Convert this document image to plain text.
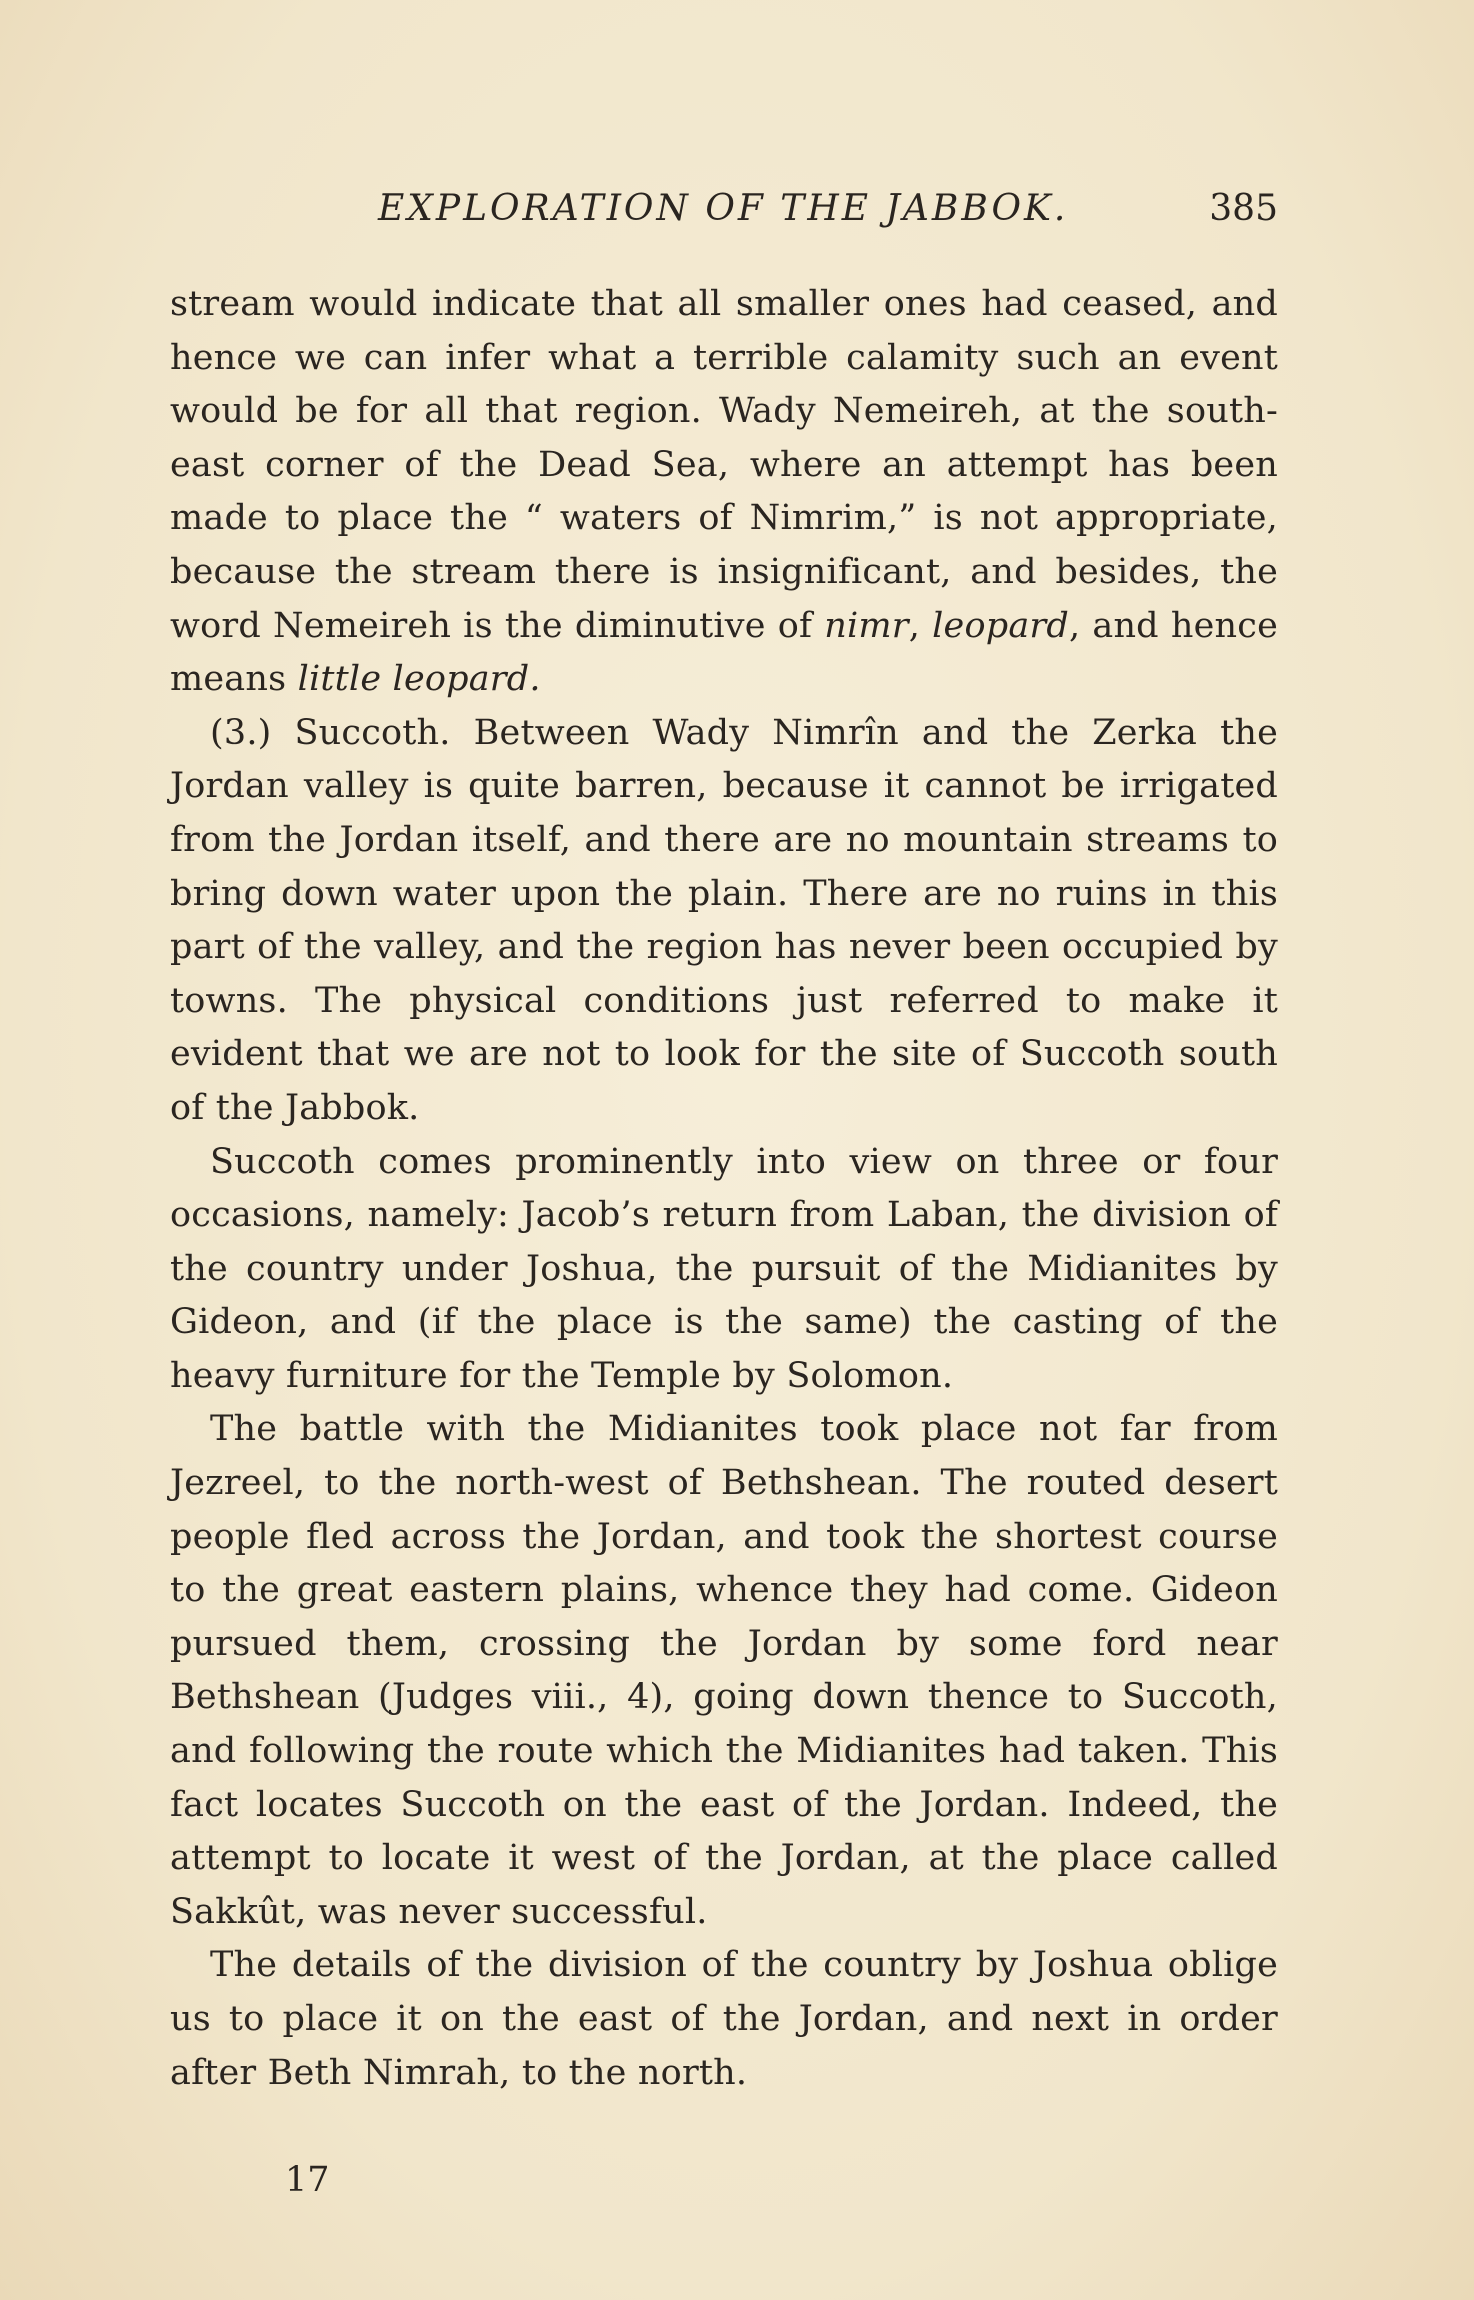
EXPLORATION OF THE JABBOK.	385

stream would indicate that all smaller ones had ceased, and hence we can infer what a terrible calamity such an event would be for all that region. Wady Nemeireh, at the south-east corner of the Dead Sea, where an attempt has been made to place the “ waters of Nimrim,” is not appropriate, because the stream there is insignificant, and besides, the word Nemeireh is the diminutive of nimr, leopard, and hence means little leopard.

(3.) Succoth. Between Wady Nimrîn and the Zerka the Jordan valley is quite barren, because it cannot be irrigated from the Jordan itself, and there are no mountain streams to bring down water upon the plain. There are no ruins in this part of the valley, and the region has never been occupied by towns. The physical conditions just referred to make it evident that we are not to look for the site of Succoth south of the Jabbok.

Succoth comes prominently into view on three or four occasions, namely: Jacob’s return from Laban, the division of the country under Joshua, the pursuit of the Midianites by Gideon, and (if the place is the same) the casting of the heavy furniture for the Temple by Solomon.

The battle with the Midianites took place not far from Jezreel, to the north-west of Bethshean. The routed desert people fled across the Jordan, and took the shortest course to the great eastern plains, whence they had come. Gideon pursued them, crossing the Jordan by some ford near Bethshean (Judges viii., 4), going down thence to Succoth, and following the route which the Midianites had taken. This fact locates Succoth on the east of the Jordan. Indeed, the attempt to locate it west of the Jordan, at the place called Sakkût, was never successful.

The details of the division of the country by Joshua oblige us to place it on the east of the Jordan, and next in order after Beth Nimrah, to the north.

17
